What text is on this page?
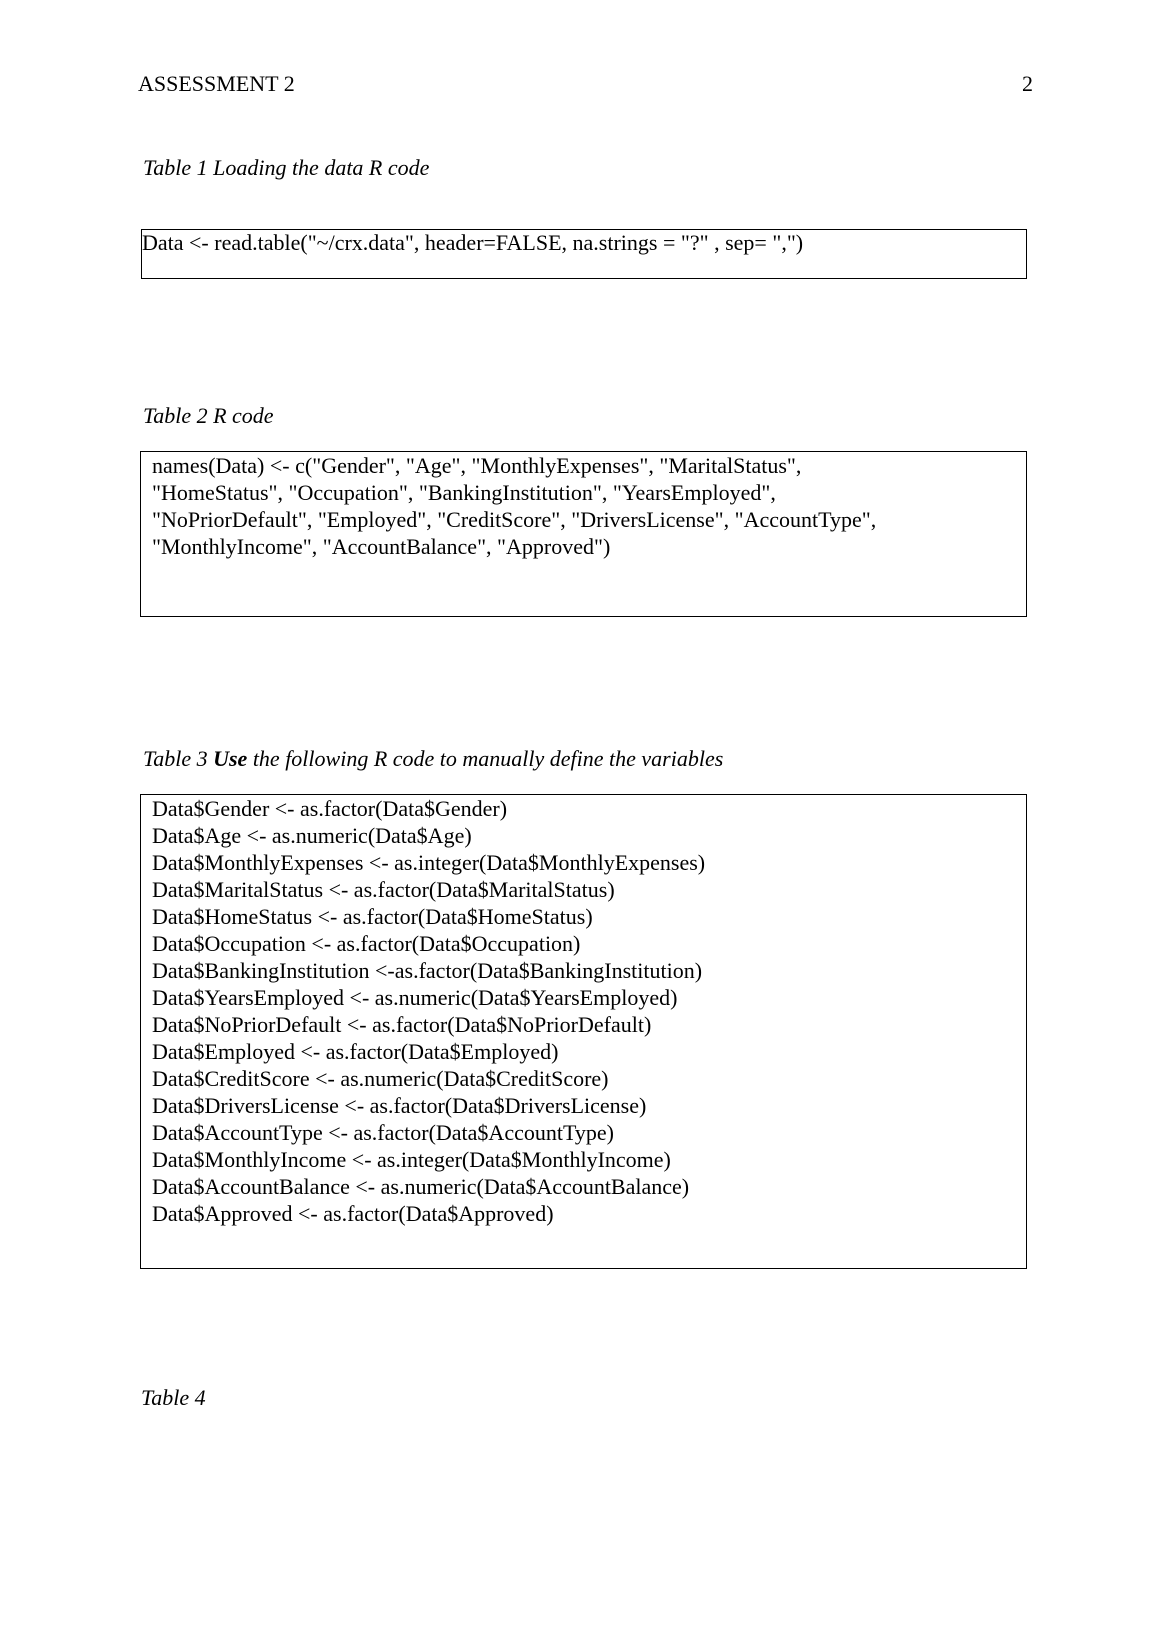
ASSESSMENT 2	2
Table 1 Loading the data R code
Data <- read.table("~/crx.data", header=FALSE, na.strings = "?" , sep= ",")
Table 2 R code
names(Data) <- c("Gender", "Age", "MonthlyExpenses", "MaritalStatus",
"HomeStatus", "Occupation", "BankingInstitution", "YearsEmployed",
"NoPriorDefault", "Employed", "CreditScore", "DriversLicense", "AccountType",
"MonthlyIncome", "AccountBalance", "Approved")
Table 3 Use the following R code to manually define the variables
Data$Gender <- as.factor(Data$Gender)
Data$Age <- as.numeric(Data$Age)
Data$MonthlyExpenses <- as.integer(Data$MonthlyExpenses)
Data$MaritalStatus <- as.factor(Data$MaritalStatus)
Data$HomeStatus <- as.factor(Data$HomeStatus)
Data$Occupation <- as.factor(Data$Occupation)
Data$BankingInstitution <-as.factor(Data$BankingInstitution)
Data$YearsEmployed <- as.numeric(Data$YearsEmployed)
Data$NoPriorDefault <- as.factor(Data$NoPriorDefault)
Data$Employed <- as.factor(Data$Employed)
Data$CreditScore <- as.numeric(Data$CreditScore)
Data$DriversLicense <- as.factor(Data$DriversLicense)
Data$AccountType <- as.factor(Data$AccountType)
Data$MonthlyIncome <- as.integer(Data$MonthlyIncome)
Data$AccountBalance <- as.numeric(Data$AccountBalance)
Data$Approved <- as.factor(Data$Approved)
Table 4
